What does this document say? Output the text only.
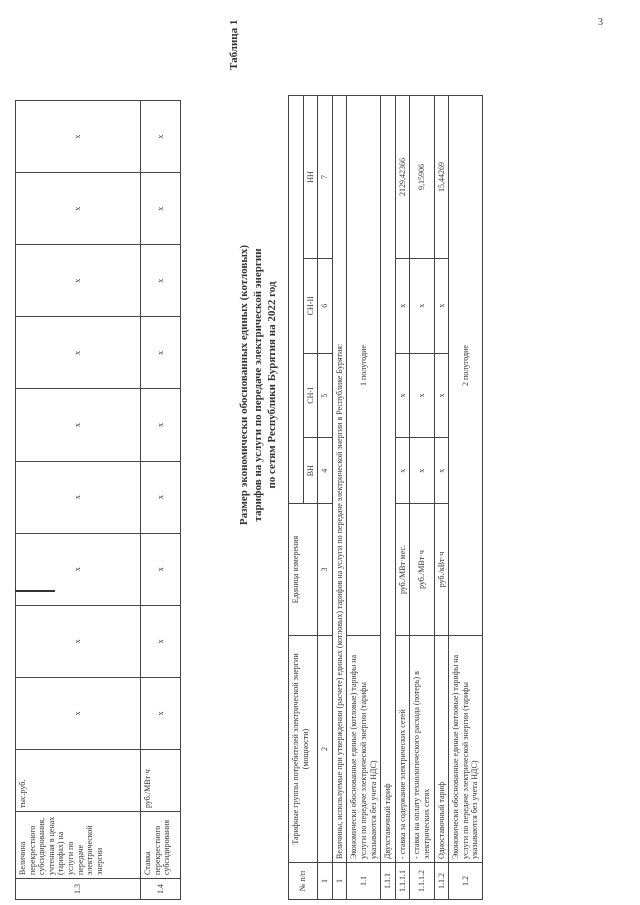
1.3	Величина перекрестного субсидирования, учтенная в ценах (тарифах) на услуги по передаче электрической энергии	тыс.руб.	x	x	x	x	x	x	x	x	x
1.4	Ставка перекрестного субсидирования	руб./МВт·ч	x	x	x	x	x	x	x	x	x
Таблица 1
Размер экономически обоснованных единых (котловых) тарифов на услуги по передаче электрической энергии по сетям Республики Бурятия на 2022 год
№ п/п	Тарифные группы потребителей электрической энергии (мощности)	Единица измерения				
			ВН	СН-I	СН-II	НН
1	2	3	4	5	6	7
1	Величины, используемые при утверждении (расчете) единых (котловых) тарифов на услуги по передаче электрической энергии в Республике Бурятия:					
1.1	Экономически обоснованные единые (котловые) тарифы на услуги по передаче электрической энергии (тарифы указываются без учета НДС)	1 полугодие				
1.1.1	Двухставочный тариф					
1.1.1.1	- ставка за содержание электрических сетей	руб./МВт·мес.	x	x	x	2129,42366
1.1.1.2	- ставка на оплату технологического расхода (потерь) в электрических сетях	руб./МВт·ч	x	x	x	9,15906
1.1.2	Одноставочный тариф	руб./кВт·ч	x	x	x	15,44269
1.2	Экономически обоснованные единые (котловые) тарифы на услуги по передаче электрической энергии (тарифы указываются без учета НДС)	2 полугодие				
3
